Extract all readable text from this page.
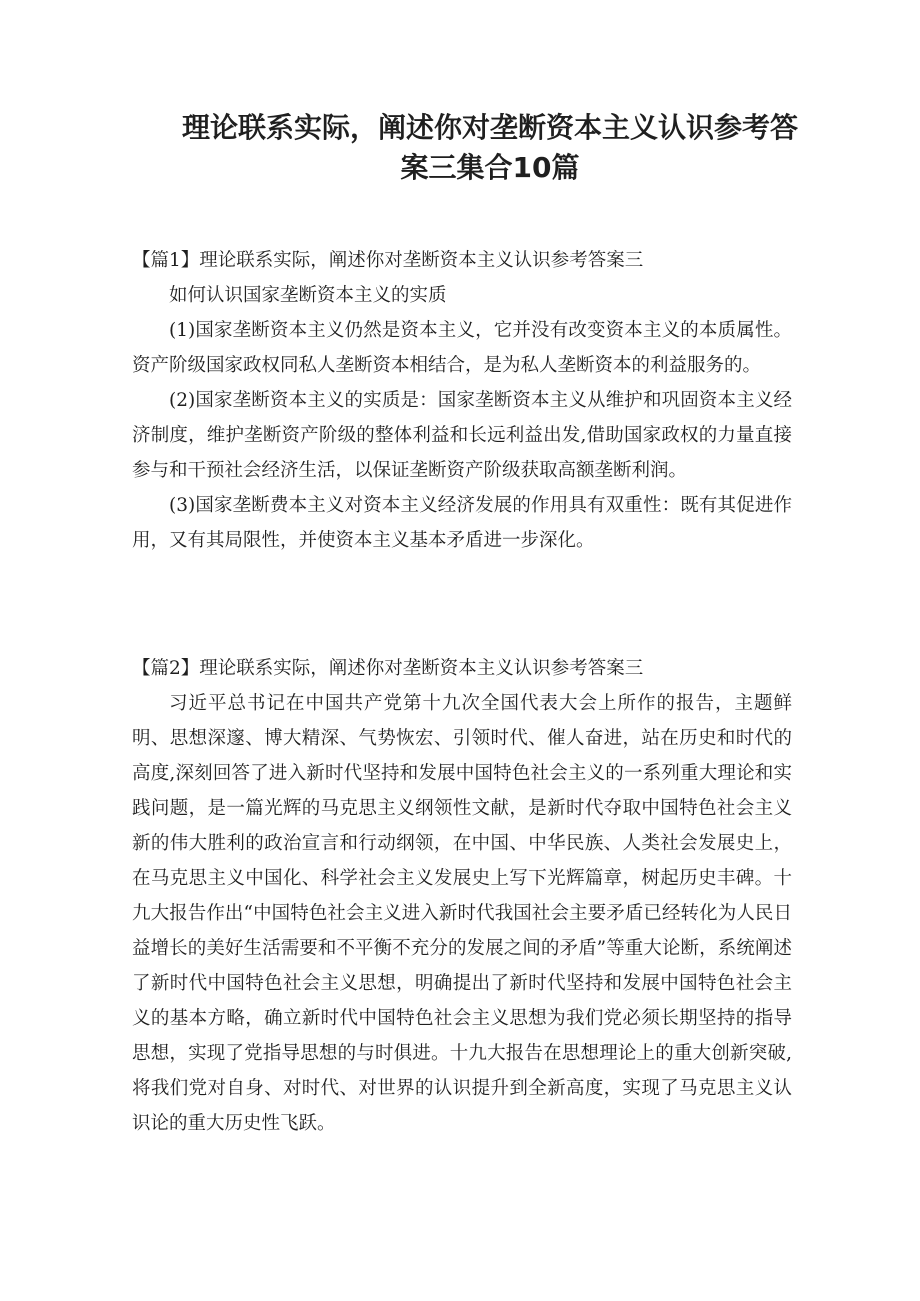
理论联系实际，阐述你对垄断资本主义认识参考答案三集合10篇

【篇1】理论联系实际，阐述你对垄断资本主义认识参考答案三

如何认识国家垄断资本主义的实质

(1)国家垄断资本主义仍然是资本主义，它并没有改变资本主义的本质属性。资产阶级国家政权同私人垄断资本相结合，是为私人垄断资本的利益服务的。

(2)国家垄断资本主义的实质是：国家垄断资本主义从维护和巩固资本主义经济制度，维护垄断资产阶级的整体利益和长远利益出发,借助国家政权的力量直接参与和干预社会经济生活，以保证垄断资产阶级获取高额垄断利润。

(3)国家垄断费本主义对资本主义经济发展的作用具有双重性：既有其促进作用，又有其局限性，并使资本主义基本矛盾进一步深化。

【篇2】理论联系实际，阐述你对垄断资本主义认识参考答案三

习近平总书记在中国共产党第十九次全国代表大会上所作的报告，主题鲜明、思想深邃、博大精深、气势恢宏、引领时代、催人奋进，站在历史和时代的高度,深刻回答了进入新时代坚持和发展中国特色社会主义的一系列重大理论和实践问题，是一篇光辉的马克思主义纲领性文献，是新时代夺取中国特色社会主义新的伟大胜利的政治宣言和行动纲领，在中国、中华民族、人类社会发展史上，在马克思主义中国化、科学社会主义发展史上写下光辉篇章，树起历史丰碑。十九大报告作出“中国特色社会主义进入新时代我国社会主要矛盾已经转化为人民日益增长的美好生活需要和不平衡不充分的发展之间的矛盾”等重大论断，系统阐述了新时代中国特色社会主义思想，明确提出了新时代坚持和发展中国特色社会主义的基本方略，确立新时代中国特色社会主义思想为我们党必须长期坚持的指导思想，实现了党指导思想的与时俱进。十九大报告在思想理论上的重大创新突破,将我们党对自身、对时代、对世界的认识提升到全新高度，实现了马克思主义认识论的重大历史性飞跃。
